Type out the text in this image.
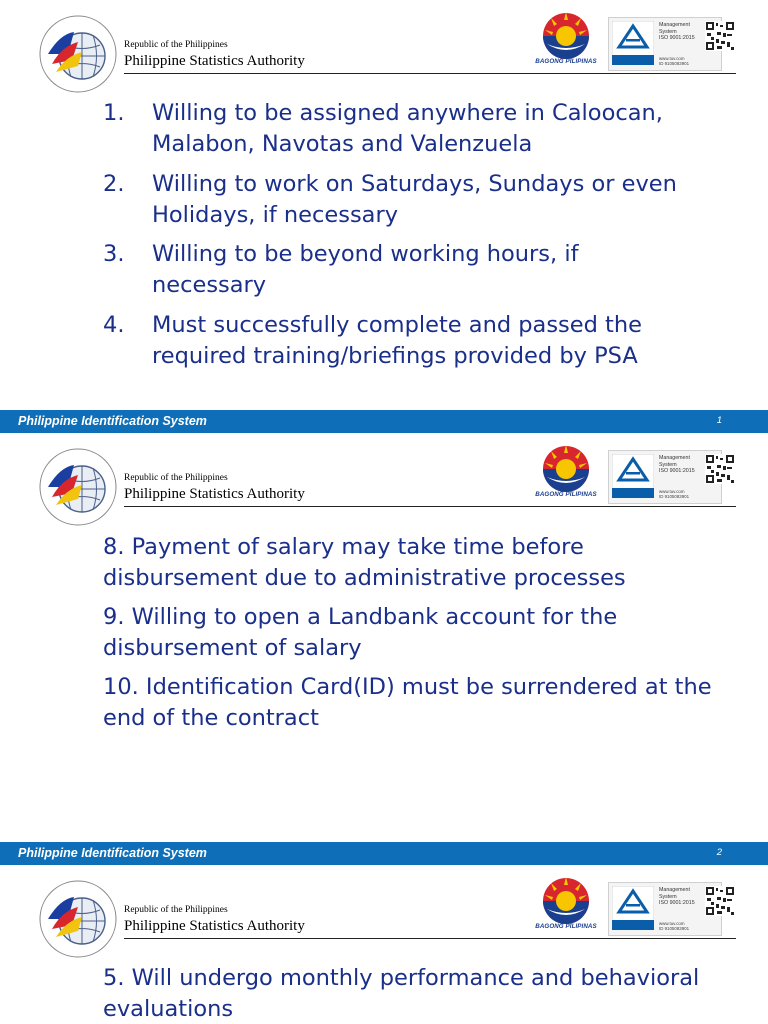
Republic of the Philippines
Philippine Statistics Authority	BAGONG PILIPINAS
Management
System
ISO 9001:2015
www.tuv.com
ID 9105083901
1. Willing to be assigned anywhere in Caloocan, Malabon, Navotas and Valenzuela
2. Willing to work on Saturdays, Sundays or even Holidays, if necessary
3. Willing to be beyond working hours, if necessary
4. Must successfully complete and passed the required training/briefings provided by PSA
Philippine Identification System	1
Republic of the Philippines
Philippine Statistics Authority	BAGONG PILIPINAS
Management
System
ISO 9001:2015
www.tuv.com
ID 9105083901
8. Payment of salary may take time before disbursement due to administrative processes
9. Willing to open a Landbank account for the disbursement of salary
10. Identification Card(ID) must be surrendered at the end of the contract
Philippine Identification System	2
Republic of the Philippines
Philippine Statistics Authority	BAGONG PILIPINAS
Management
System
ISO 9001:2015
www.tuv.com
ID 9105083901
5. Will undergo monthly performance and behavioral evaluations
